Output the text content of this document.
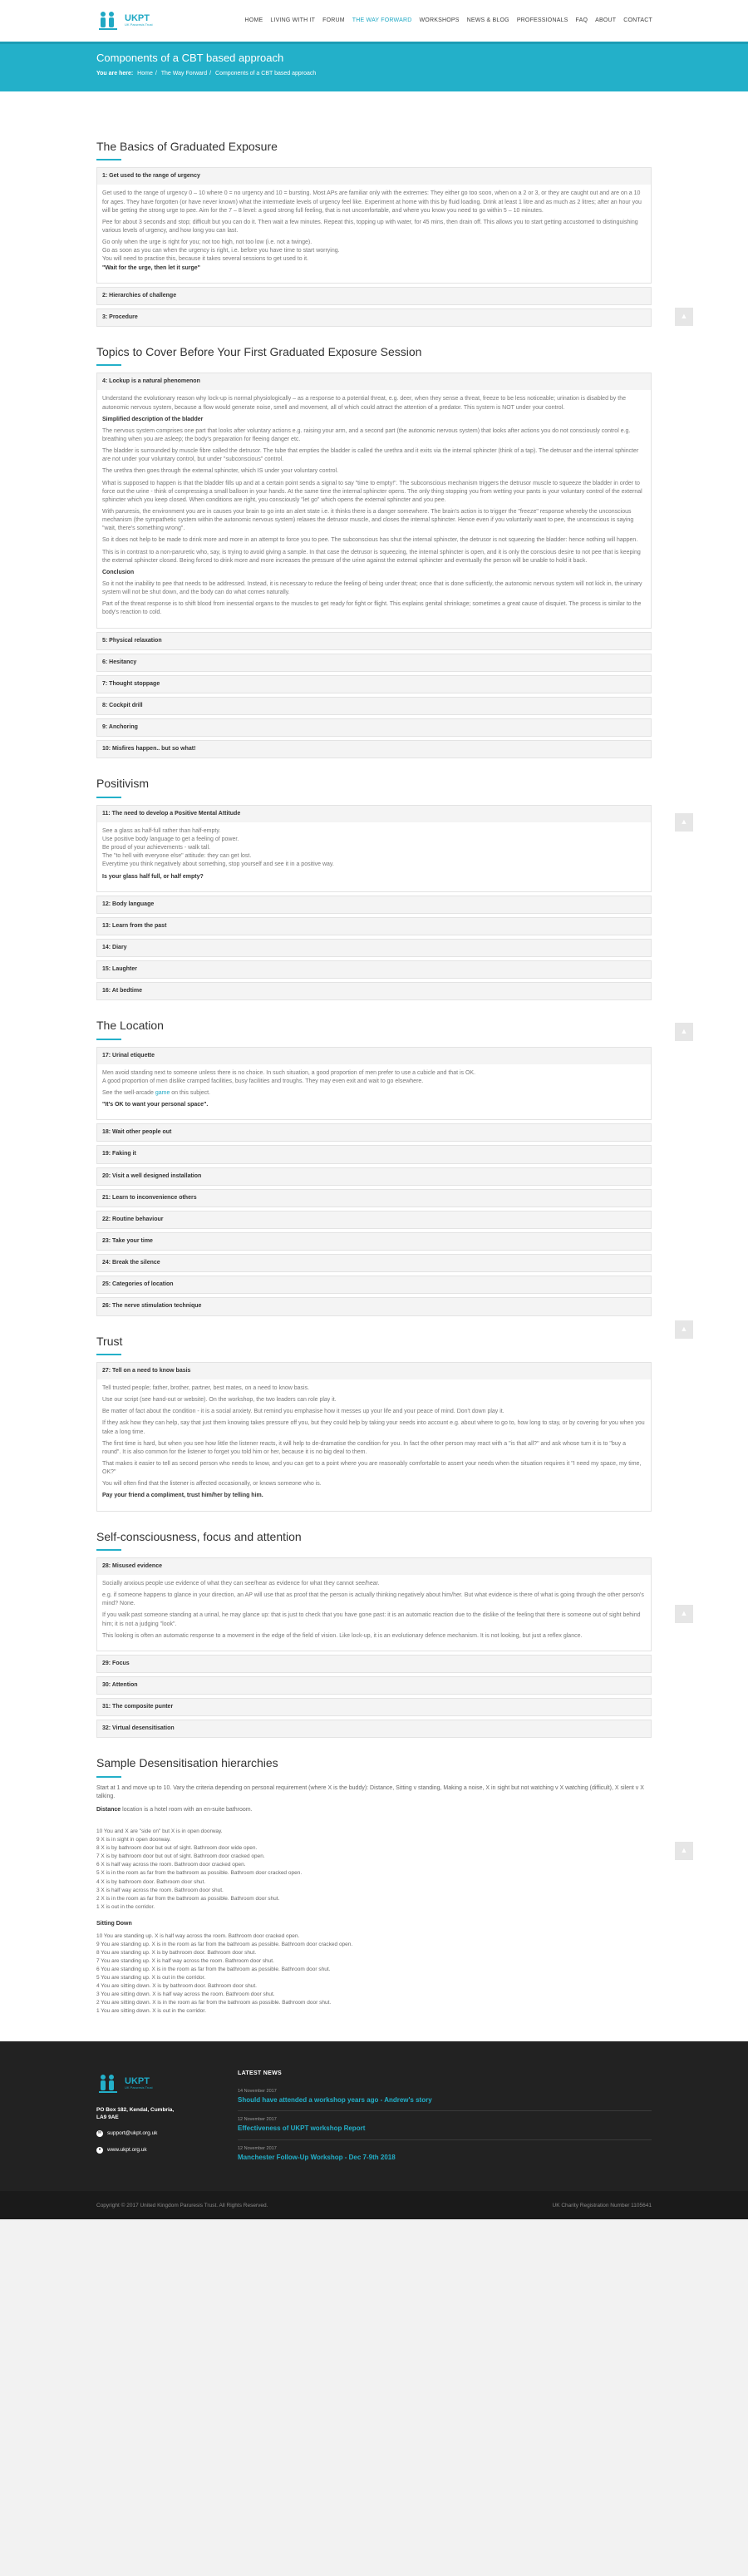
UKPT
UK Paruresis Trust
HOME LIVING WITH IT FORUM THE WAY FORWARD WORKSHOPS NEWS & BLOG PROFESSIONALS FAQ ABOUT CONTACT
Components of a CBT based approach
You are here: Home / The Way Forward / Components of a CBT based approach
The Basics of Graduated Exposure
1: Get used to the range of urgency

Get used to the range of urgency 0 – 10 where 0 = no urgency and 10 = bursting. Most APs are familiar only with the extremes: They either go too soon, when on a 2 or 3, or they are caught out and are on a 10 for ages. They have forgotten (or have never known) what the intermediate levels of urgency feel like. Experiment at home with this by fluid loading. Drink at least 1 litre and as much as 2 litres; after an hour you will be getting the strong urge to pee. Aim for the 7 – 8 level: a good strong full feeling, that is not uncomfortable, and where you know you need to go within 5 – 10 minutes.

Pee for about 3 seconds and stop; difficult but you can do it. Then wait a few minutes. Repeat this, topping up with water, for 45 mins, then drain off. This allows you to start getting accustomed to distinguishing various levels of urgency, and how long you can last.

Go only when the urge is right for you; not too high, not too low (i.e. not a twinge).

Go as soon as you can when the urgency is right, i.e. before you have time to start worrying.

You will need to practise this, because it takes several sessions to get used to it.

"Wait for the urge, then let it surge"

2: Hierarchies of challenge
3: Procedure	▲
Topics to Cover Before Your First Graduated Exposure Session
4: Lockup is a natural phenomenon

Understand the evolutionary reason why lock-up is normal physiologically – as a response to a potential threat, e.g. deer, when they sense a threat, freeze to be less noticeable; urination is disabled by the autonomic nervous system, because a flow would generate noise, smell and movement, all of which could attract the attention of a predator. This system is NOT under your control.

Simplified description of the bladder

The nervous system comprises one part that looks after voluntary actions e.g. raising your arm, and a second part (the autonomic nervous system) that looks after actions you do not consciously control e.g. breathing when you are asleep; the body's preparation for fleeing danger etc.

The bladder is surrounded by muscle fibre called the detrusor. The tube that empties the bladder is called the urethra and it exits via the internal sphincter (think of a tap). The detrusor and the internal sphincter are not under your voluntary control, but under "subconscious" control.

The urethra then goes through the external sphincter, which IS under your voluntary control.

What is supposed to happen is that the bladder fills up and at a certain point sends a signal to say "time to empty!". The subconscious mechanism triggers the detrusor muscle to squeeze the bladder in order to force out the urine - think of compressing a small balloon in your hands. At the same time the internal sphincter opens. The only thing stopping you from wetting your pants is your voluntary control of the external sphincter which you keep closed. When conditions are right, you consciously "let go" which opens the external sphincter and you pee.

With paruresis, the environment you are in causes your brain to go into an alert state i.e. it thinks there is a danger somewhere. The brain's action is to trigger the "freeze" response whereby the unconscious mechanism (the sympathetic system within the autonomic nervous system) relaxes the detrusor muscle, and closes the internal sphincter. Hence even if you voluntarily want to pee, the unconscious is saying "wait, there's something wrong".

So it does not help to be made to drink more and more in an attempt to force you to pee. The subconscious has shut the internal sphincter, the detrusor is not squeezing the bladder: hence nothing will happen.

This is in contrast to a non-paruretic who, say, is trying to avoid giving a sample. In that case the detrusor is squeezing, the internal sphincter is open, and it is only the conscious desire to not pee that is keeping the external sphincter closed. Being forced to drink more and more increases the pressure of the urine against the external sphincter and eventually the person will be unable to hold it back.

Conclusion

So it not the inability to pee that needs to be addressed. Instead, it is necessary to reduce the feeling of being under threat; once that is done sufficiently, the autonomic nervous system will not kick in, the urinary system will not be shut down, and the body can do what comes naturally.

Part of the threat response is to shift blood from inessential organs to the muscles to get ready for fight or flight. This explains genital shrinkage; sometimes a great cause of disquiet. The process is similar to the body's reaction to cold.

5: Physical relaxation
6: Hesitancy
7: Thought stoppage
8: Cockpit drill
9: Anchoring
10: Misfires happen.. but so what!
▲
Positivism
11: The need to develop a Positive Mental Attitude

See a glass as half-full rather than half-empty.

Use positive body language to get a feeling of power.

Be proud of your achievements - walk tall.

The "to hell with everyone else" attitude: they can get lost.

Everytime you think negatively about something, stop yourself and see it in a positive way.

Is your glass half full, or half empty?

12: Body language
13: Learn from the past
14: Diary
15: Laughter
16: At bedtime
▲
The Location
17: Urinal etiquette

Men avoid standing next to someone unless there is no choice. In such situation, a good proportion of men prefer to use a cubicle and that is OK.

A good proportion of men dislike cramped facilities, busy facilities and troughs. They may even exit and wait to go elsewhere.

See the well-arcade game on this subject.

"It's OK to want your personal space".

18: Wait other people out
19: Faking it
20: Visit a well designed installation
21: Learn to inconvenience others
22: Routine behaviour
23: Take your time
24: Break the silence
25: Categories of location
26: The nerve stimulation technique
▲
Trust
27: Tell on a need to know basis

Tell trusted people; father, brother, partner, best mates, on a need to know basis.

Use our script (see hand-out or website). On the workshop, the two leaders can role play it.

Be matter of fact about the condition - it is a social anxiety. But remind you emphasise how it messes up your life and your peace of mind. Don't down play it.

If they ask how they can help, say that just them knowing takes pressure off you, but they could help by taking your needs into account e.g. about where to go to, how long to stay, or by covering for you when you take a long time.

The first time is hard, but when you see how little the listener reacts, it will help to de-dramatise the condition for you. In fact the other person may react with a "is that all?" and ask whose turn it is to "buy a round". It is also common for the listener to forget you told him or her, because it is no big deal to them.

That makes it easier to tell as second person who needs to know, and you can get to a point where you are reasonably comfortable to assert your needs when the situation requires it "I need my space, my time, OK?"

You will often find that the listener is affected occasionally, or knows someone who is.

Pay your friend a compliment, trust him/her by telling him.

▲
Self-consciousness, focus and attention
28: Misused evidence

Socially anxious people use evidence of what they can see/hear as evidence for what they cannot see/hear.

e.g. if someone happens to glance in your direction, an AP will use that as proof that the person is actually thinking negatively about him/her. But what evidence is there of what is going through the other person's mind? None.

If you walk past someone standing at a urinal, he may glance up: that is just to check that you have gone past: it is an automatic reaction due to the dislike of the feeling that there is someone out of sight behind him; it is not a judging "look".

This looking is often an automatic response to a movement in the edge of the field of vision. Like lock-up, it is an evolutionary defence mechanism. It is not looking, but just a reflex glance.

29: Focus
30: Attention
31: The composite punter
32: Virtual desensitisation
▲
Sample Desensitisation hierarchies

Start at 1 and move up to 10. Vary the criteria depending on personal requirement (where X is the buddy): Distance, Sitting v standing, Making a noise, X in sight but not watching v X watching (difficult), X silent v X talking.

Distance location is a hotel room with an en-suite bathroom.

10 You and X are "side on" but X is in open doorway.
9 X is in sight in open doorway.
8 X is by bathroom door but out of sight. Bathroom door wide open.
7 X is by bathroom door but out of sight. Bathroom door cracked open.
6 X is half way across the room. Bathroom door cracked open.
5 X is in the room as far from the bathroom as possible. Bathroom door cracked open.
4 X is by bathroom door. Bathroom door shut.
3 X is half way across the room. Bathroom door shut.
2 X is in the room as far from the bathroom as possible. Bathroom door shut.
1 X is out in the corridor.

Sitting Down

10 You are standing up. X is half way across the room. Bathroom door cracked open.
9 You are standing up. X is in the room as far from the bathroom as possible. Bathroom door cracked open.
8 You are standing up. X is by bathroom door. Bathroom door shut.
7 You are standing up. X is half way across the room. Bathroom door shut.
6 You are standing up. X is in the room as far from the bathroom as possible. Bathroom door shut.
5 You are standing up. X is out in the corridor.
4 You are sitting down. X is by bathroom door. Bathroom door shut.
3 You are sitting down. X is half way across the room. Bathroom door shut.
2 You are sitting down. X is in the room as far from the bathroom as possible. Bathroom door shut.
1 You are sitting down. X is out in the corridor.
UKPT
UK Paruresis Trust
PO Box 182, Kendal, Cumbria, LA9 9AE
✉ support@ukpt.org.uk
●	www.ukpt.org.uk
LATEST NEWS
14 November 2017
Should have attended a workshop years ago - Andrew's story
12 November 2017
Effectiveness of UKPT workshop Report
12 November 2017
Manchester Follow-Up Workshop - Dec 7-9th 2018
Copyright © 2017 United Kingdom Paruresis Trust. All Rights Reserved.	UK Charity Registration Number 1105641
